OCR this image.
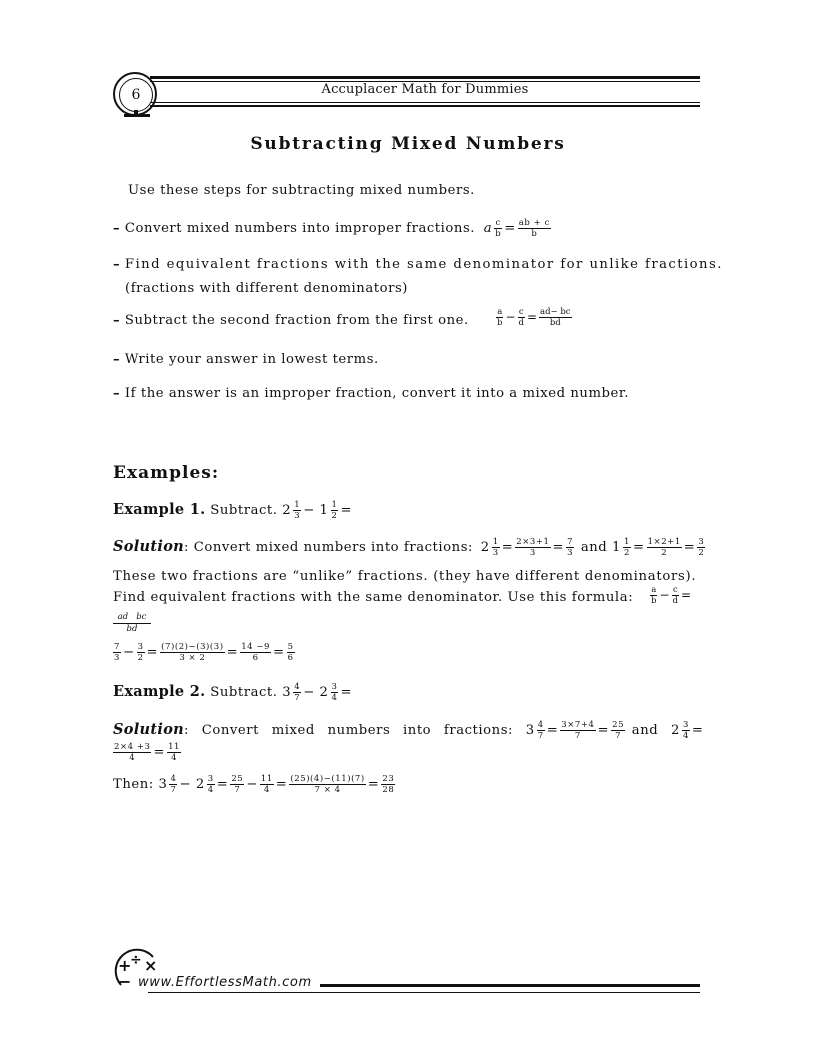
6	Accuplacer Math for Dummies
Subtracting Mixed Numbers
Use these steps for subtracting mixed numbers.
– Convert mixed numbers into improper fractions. a $\frac{c}{b} = \frac{ab + c}{b}$
– Find equivalent fractions with the same denominator for unlike fractions.
(fractions with different denominators)
– Subtract the second fraction from the first one.	$\frac{a}{b} - \frac{c}{d} = \frac{ad- bc}{bd}$
– Write your answer in lowest terms.
– If the answer is an improper fraction, convert it into a mixed number.
Examples:
Example 1. Subtract. $2 \frac{1}{3} - 1 \frac{1}{2}$ =
Solution: Convert mixed numbers into fractions: $2 \frac{1}{3} = \frac{2\times 3+1}{3} = \frac{7}{3}$ and $1 \frac{1}{2} = \frac{1\times 2+1}{2} = \frac{3}{2}$
These two fractions are “unlike” fractions. (they have different denominators).
Find equivalent fractions with the same denominator. Use this formula: $\frac{a}{b} - \frac{c}{d}$ =
ad   bc
bd
$\frac{7}{3} - \frac{3}{2} = \frac{(7)(2)-(3)(3)}{3 \times 2} = \frac{14 -9}{6} = \frac{5}{6}$
Example 2. Subtract. $3 \frac{4}{7} - 2 \frac{3}{4}$ =
Solution: Convert mixed numbers into fractions: $3 \frac{4}{7} = \frac{3\times 7+4}{7} = \frac{25}{7}$ and $2 \frac{3}{4}$ =
$\frac{2\times 4 +3}{4} = \frac{11}{4}$
Then: $3 \frac{4}{7} - 2 \frac{3}{4} = \frac{25}{7} - \frac{11}{4} = \frac{(25)(4)-(11)(7)}{7 \times 4} = \frac{23}{28}$
+
÷ ×
− www.EffortlessMath.com
